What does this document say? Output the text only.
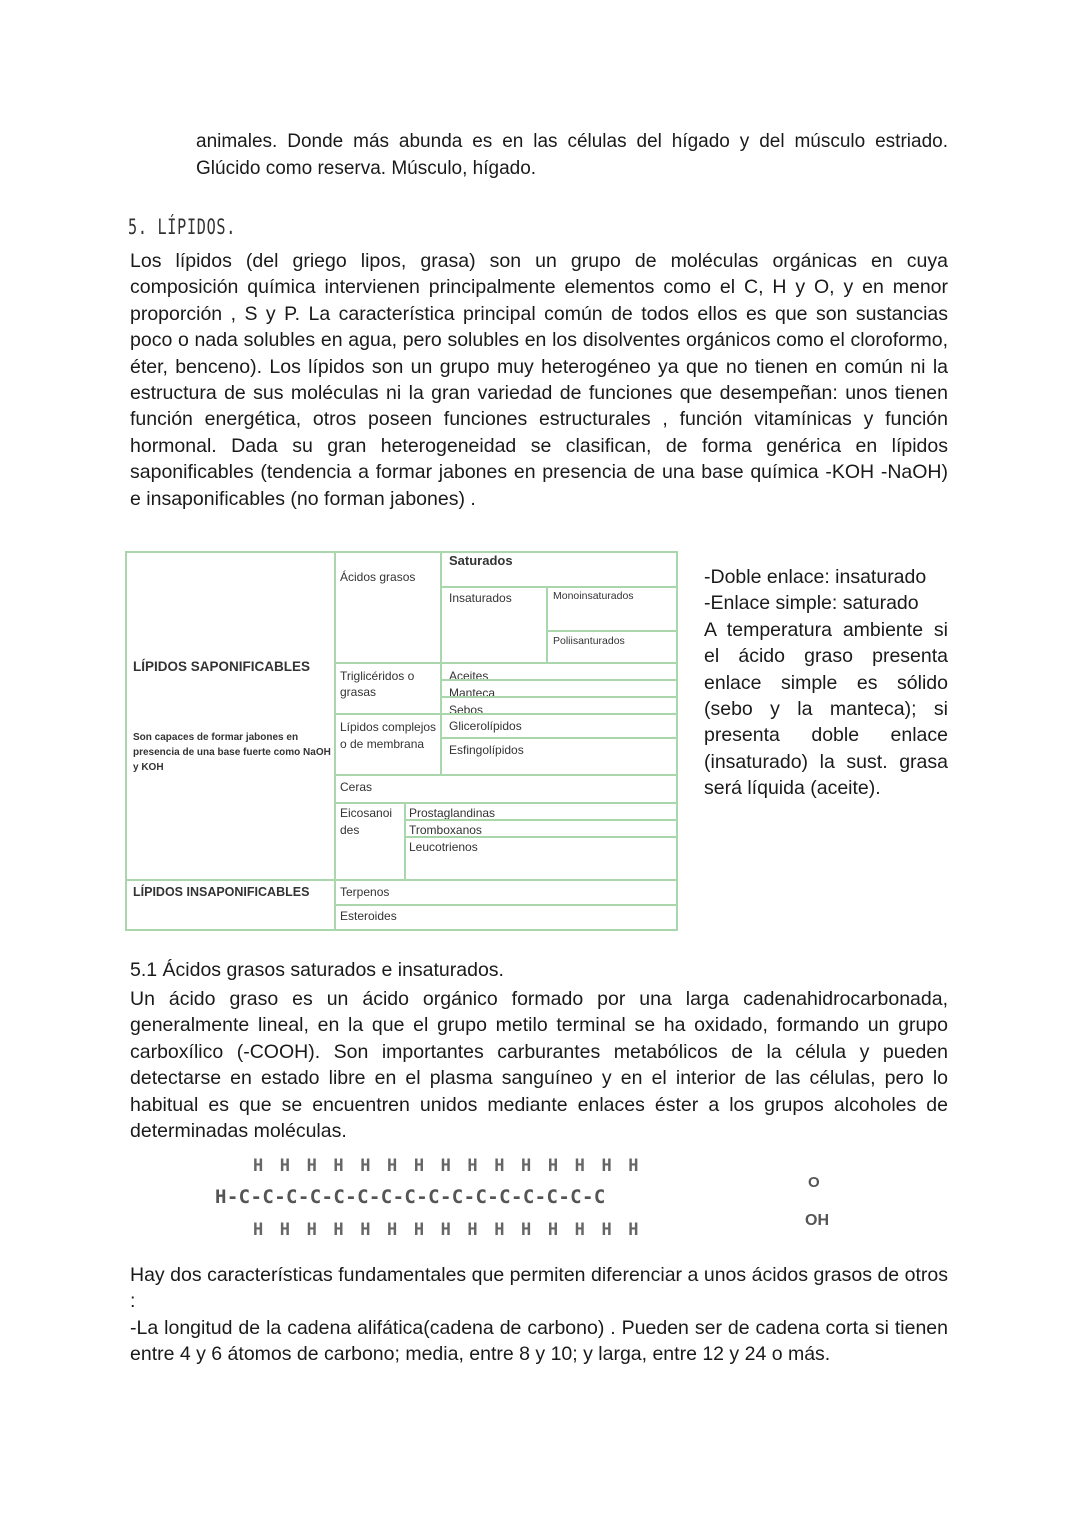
animales. Donde más abunda es en las células del hígado y del músculo estriado. Glúcido como reserva. Músculo, hígado.
5. LÍPIDOS.
Los lípidos (del griego lipos, grasa) son un grupo de moléculas orgánicas en cuya composición química intervienen principalmente elementos como el C, H y O, y en menor proporción , S y P. La característica principal común de todos ellos es que son sustancias poco o nada solubles en agua, pero solubles en los disolventes orgánicos como el cloroformo, éter, benceno). Los lípidos son un grupo muy heterogéneo ya que no tienen en común ni la estructura de sus moléculas ni la gran variedad de funciones que desempeñan: unos tienen función energética, otros poseen funciones estructurales , función vitamínicas y función hormonal. Dada su gran heterogeneidad se clasifican, de forma genérica en lípidos saponificables (tendencia a formar jabones en presencia de una base química -KOH -NaOH) e insaponificables (no forman jabones) .
LÍPIDOS SAPONIFICABLES
Son capaces de formar jabones en presencia de una base fuerte como NaOH y KOH
LÍPIDOS INSAPONIFICABLES
Ácidos grasos
Saturados
Insaturados	Monoinsaturados
Poliisanturados
Triglicéridos o grasas
Aceites
Manteca
Sebos
Lípidos complejos o de membrana
Glicerolípidos
Esfingolípidos
Ceras
Eicosanoi
des
Prostaglandinas
Tromboxanos
Leucotrienos
Terpenos
Esteroides
-Doble enlace: insaturado
-Enlace simple: saturado
A temperatura ambiente si el ácido graso presenta enlace simple es sólido (sebo y la manteca); si presenta doble enlace (insaturado) la sust. grasa será líquida (aceite).
5.1 Ácidos grasos saturados e insaturados.
Un ácido graso es un ácido orgánico formado por una larga cadenahidrocarbonada, generalmente lineal, en la que el grupo metilo terminal se ha oxidado, formando un grupo carboxílico (-COOH). Son importantes carburantes metabólicos de la célula y pueden detectarse en estado libre en el plasma sanguíneo y en el interior de las células, pero lo habitual es que se encuentren unidos mediante enlaces éster a los grupos alcoholes de determinadas moléculas.
H  H  H  H  H  H  H  H  H  H  H  H  H  H  H
H-C-C-C-C-C-C-C-C-C-C-C-C-C-C-C-C
H  H  H  H  H  H  H  H  H  H  H  H  H  H  H
O
OH
Hay dos características fundamentales que permiten diferenciar a unos ácidos grasos de otros :
-La longitud de la cadena alifática(cadena de carbono) . Pueden ser de cadena corta si tienen entre 4 y 6 átomos de carbono; media, entre 8 y 10; y larga, entre 12 y 24 o más.
